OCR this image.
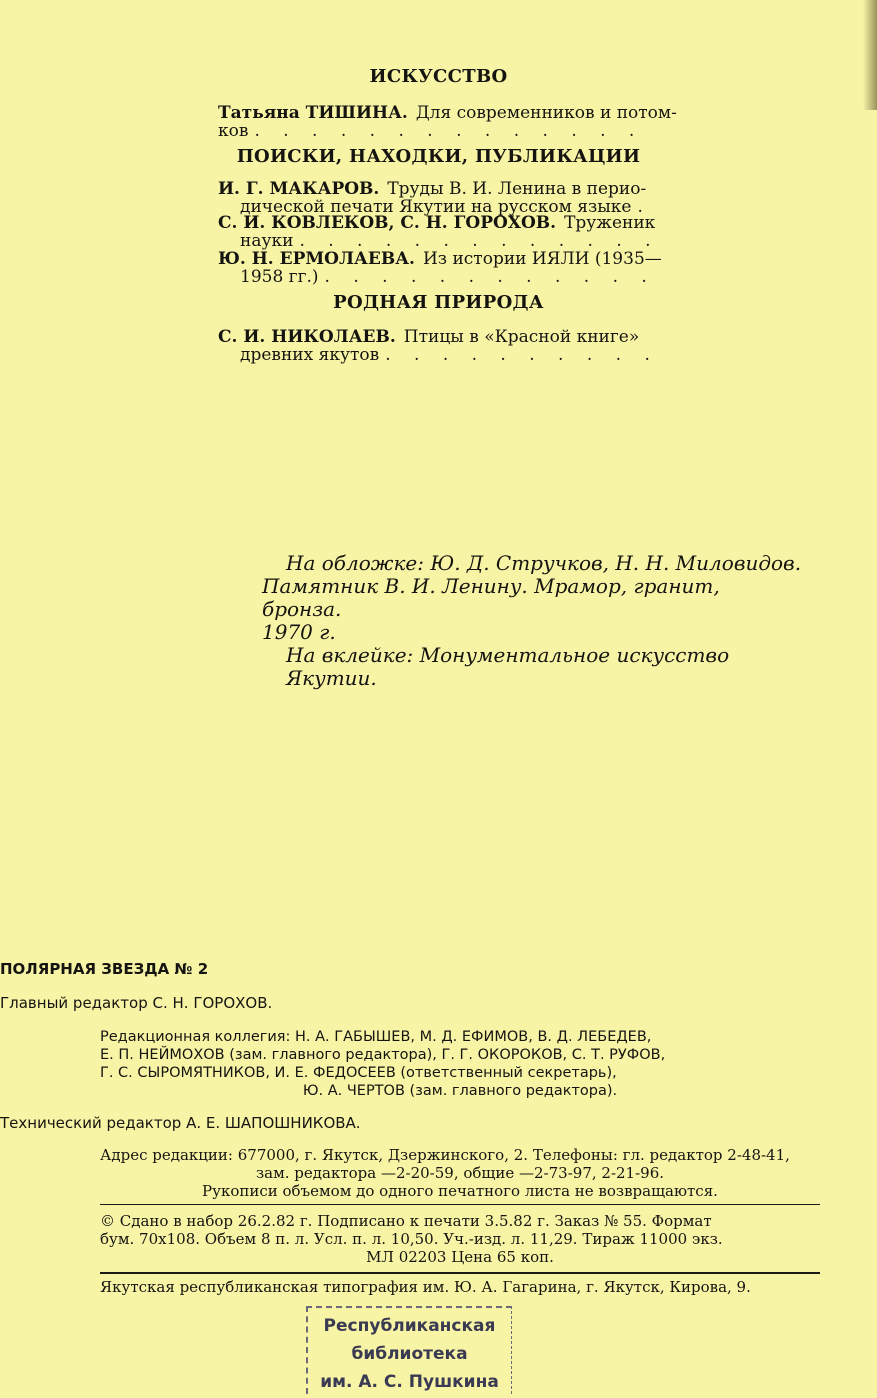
ИСКУССТВО
Татьяна ТИШИНА. Для современников и потом-
ков
. . .
ПОИСКИ, НАХОДКИ, ПУБЛИКАЦИИ
И. Г. МАКАРОВ. Труды В. И. Ленина в перио-
дической печати Якутии на русском языке
. . .
С. И. КОВЛЕКОВ, С. Н. ГОРОХОВ. Труженик
науки
. . .
Ю. Н. ЕРМОЛАЕВА. Из истории ИЯЛИ (1935—
1958 гг.)
. . .
РОДНАЯ ПРИРОДА
С. И. НИКОЛАЕВ. Птицы в «Красной книге»
древних якутов
. . .
На обложке: Ю. Д. Стручков, Н. Н. Миловидов.
Памятник В. И. Ленину. Мрамор, гранит, бронза.
1970 г.
На вклейке: Монументальное искусство Якутии.
ПОЛЯРНАЯ ЗВЕЗДА № 2
Главный редактор С. Н. ГОРОХОВ.
Редакционная коллегия: Н. А. ГАБЫШЕВ, М. Д. ЕФИМОВ, В. Д. ЛЕБЕДЕВ,
Е. П. НЕЙМОХОВ (зам. главного редактора), Г. Г. ОКОРОКОВ, С. Т. РУФОВ,
Г. С. СЫРОМЯТНИКОВ, И. Е. ФЕДОСЕЕВ (ответственный секретарь),
Ю. А. ЧЕРТОВ (зам. главного редактора).
Технический редактор А. Е. ШАПОШНИКОВА.
Адрес редакции: 677000, г. Якутск, Дзержинского, 2. Телефоны: гл. редактор 2-48-41,
зам. редактора —2-20-59, общие —2-73-97, 2-21-96.
Рукописи объемом до одного печатного листа не возвращаются.
© Сдано в набор 26.2.82 г. Подписано к печати 3.5.82 г. Заказ № 55. Формат
бум. 70х108. Объем 8 п. л. Усл. п. л. 10,50. Уч.-изд. л. 11,29. Тираж 11000 экз.
МЛ 02203 Цена 65 коп.
Якутская республиканская типография им. Ю. А. Гагарина, г. Якутск, Кирова, 9.
Республиканская
библиотека
им. А. С. Пушкина
